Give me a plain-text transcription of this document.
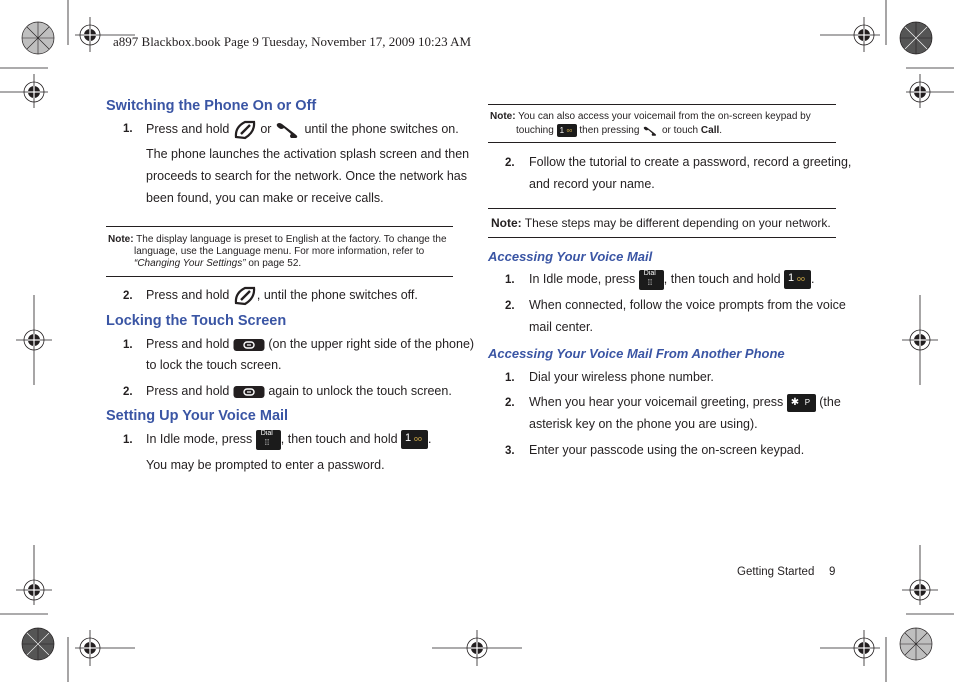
a897 Blackbox.book Page 9 Tuesday, November 17, 2009 10:23 AM
Switching the Phone On or Off
1. Press and hold or	until the phone switches on.
The phone launches the activation splash screen and then
proceeds to search for the network. Once the network has
been found, you can make or receive calls.
Note: The display language is preset to English at the factory. To change the
language, use the Language menu. For more information, refer to
“Changing Your Settings” on page 52.
2. Press and hold , until the phone switches off.
Locking the Touch Screen
1. Press and hold	(on the upper right side of the phone)
to lock the touch screen.
2. Press and hold	again to unlock the touch screen.
Setting Up Your Voice Mail
1. In Idle mode, press Dial
⁞⁞ , then touch and hold 1 oo .
You may be prompted to enter a password.
Note: You can also access your voicemail from the on-screen keypad by
touching 1 oo then pressing or touch Call.
2. Follow the tutorial to create a password, record a greeting,
and record your name.
Note: These steps may be different depending on your network.
Accessing Your Voice Mail
1. In Idle mode, press Dial
⁞⁞ , then touch and hold 1 oo .
2. When connected, follow the voice prompts from the voice
mail center.
Accessing Your Voice Mail From Another Phone
1. Dial your wireless phone number.
2. When you hear your voicemail greeting, press ✱ P (the
asterisk key on the phone you are using).
3. Enter your passcode using the on-screen keypad.
Getting Started 9
